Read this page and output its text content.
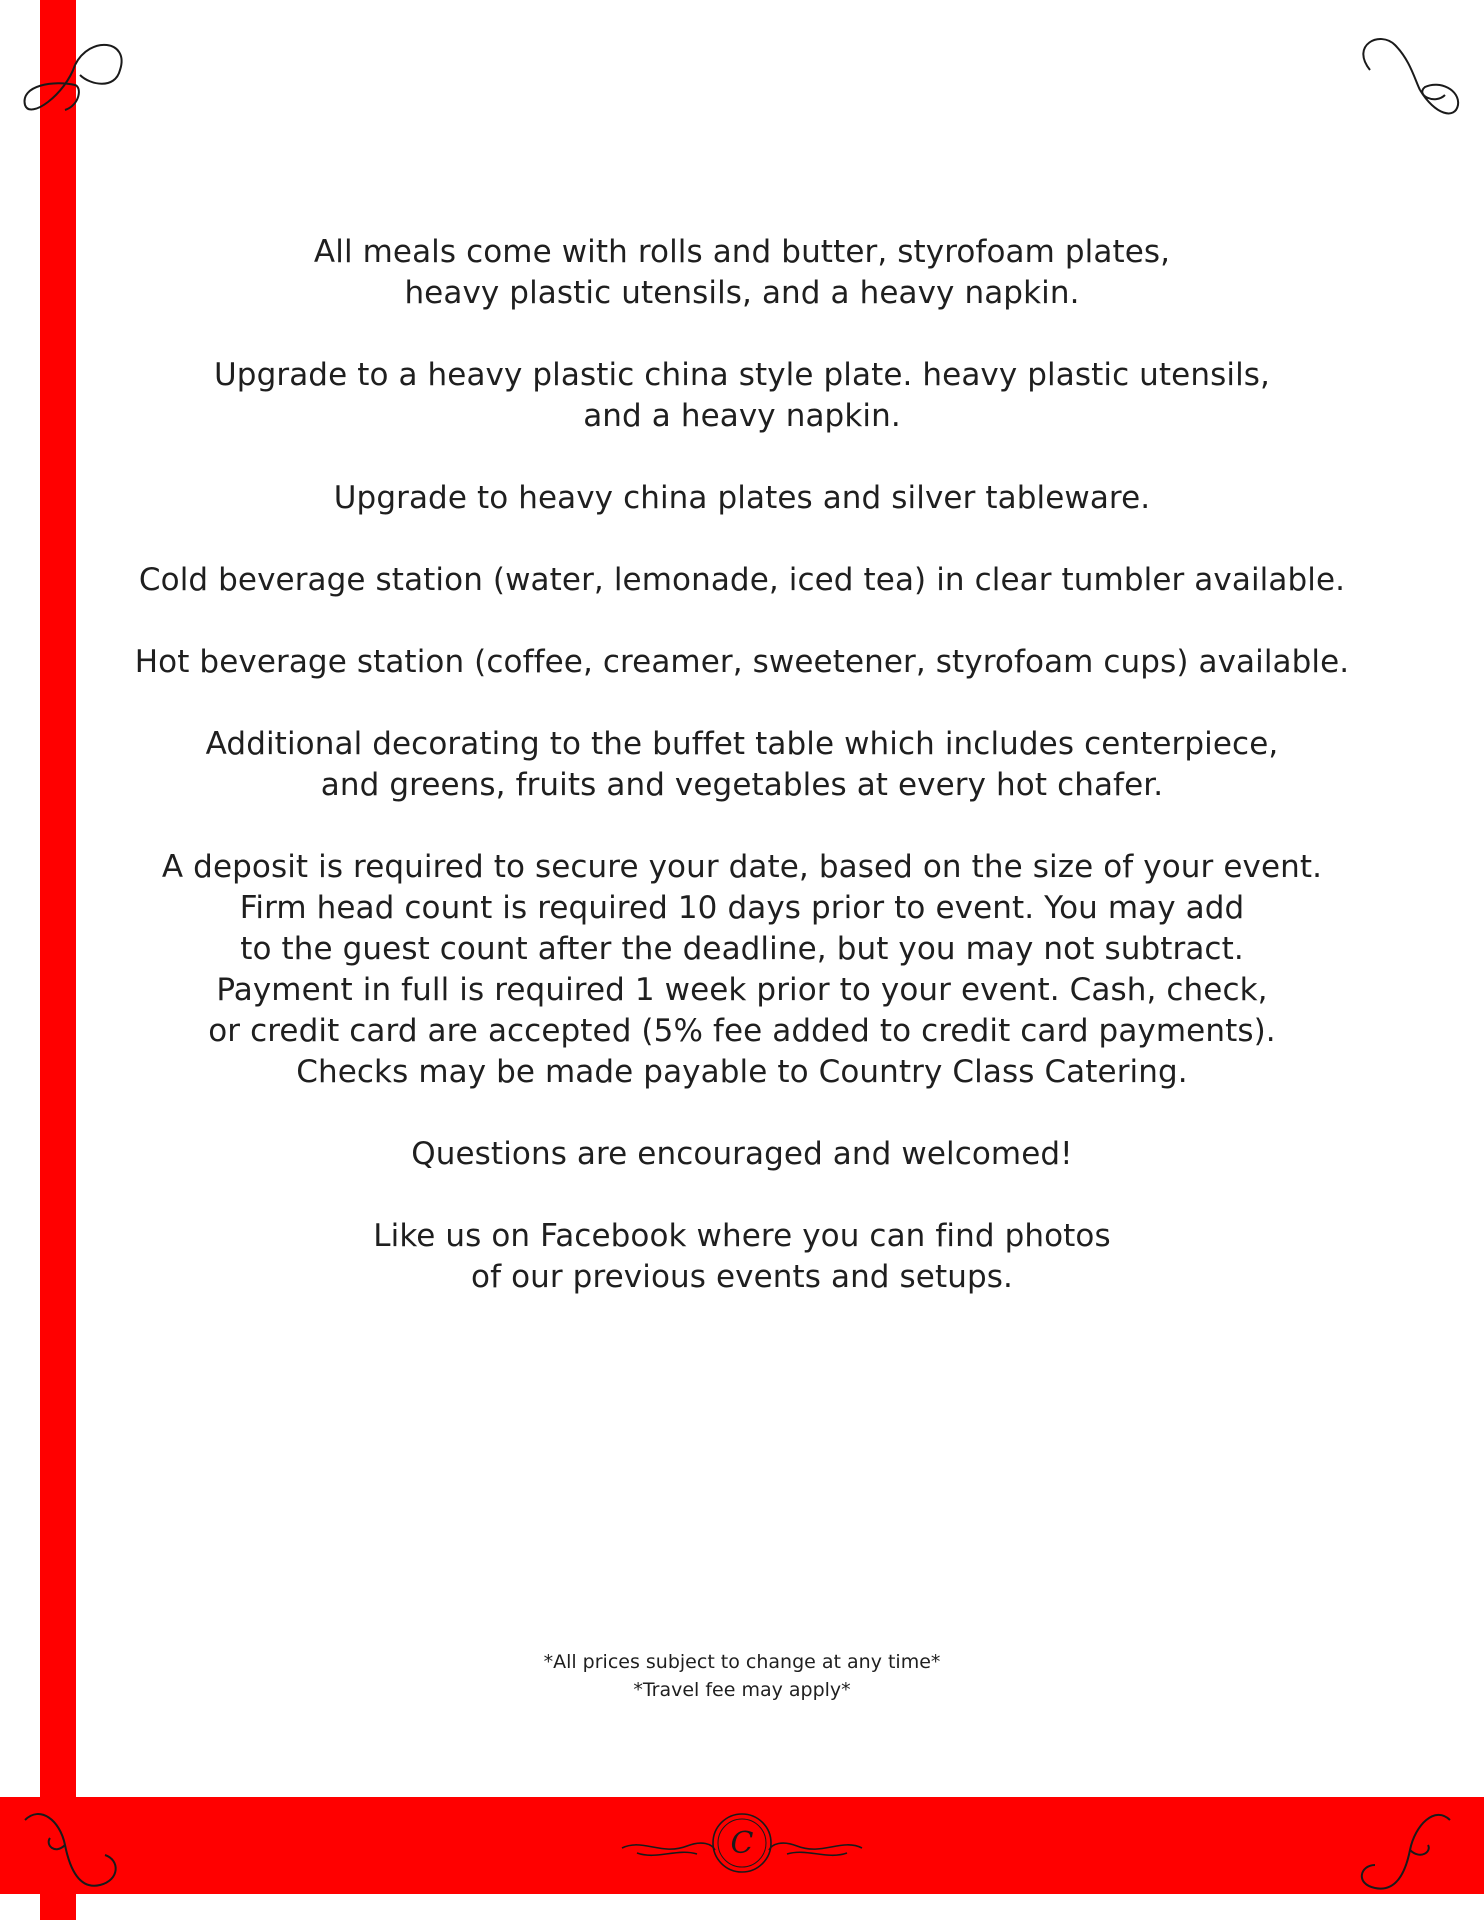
C

All meals come with rolls and butter, styrofoam plates,
heavy plastic utensils, and a heavy napkin.

Upgrade to a heavy plastic china style plate. heavy plastic utensils,
and a heavy napkin.

Upgrade to heavy china plates and silver tableware.

Cold beverage station (water, lemonade, iced tea) in clear tumbler available.

Hot beverage station (coffee, creamer, sweetener, styrofoam cups) available.

Additional decorating to the buffet table which includes centerpiece,
and greens, fruits and vegetables at every hot chafer.

A deposit is required to secure your date, based on the size of your event.
Firm head count is required 10 days prior to event. You may add
to the guest count after the deadline, but you may not subtract.
Payment in full is required 1 week prior to your event. Cash, check,
or credit card are accepted (5% fee added to credit card payments).
Checks may be made payable to Country Class Catering.

Questions are encouraged and welcomed!

Like us on Facebook where you can find photos
of our previous events and setups.

*All prices subject to change at any time*
*Travel fee may apply*
